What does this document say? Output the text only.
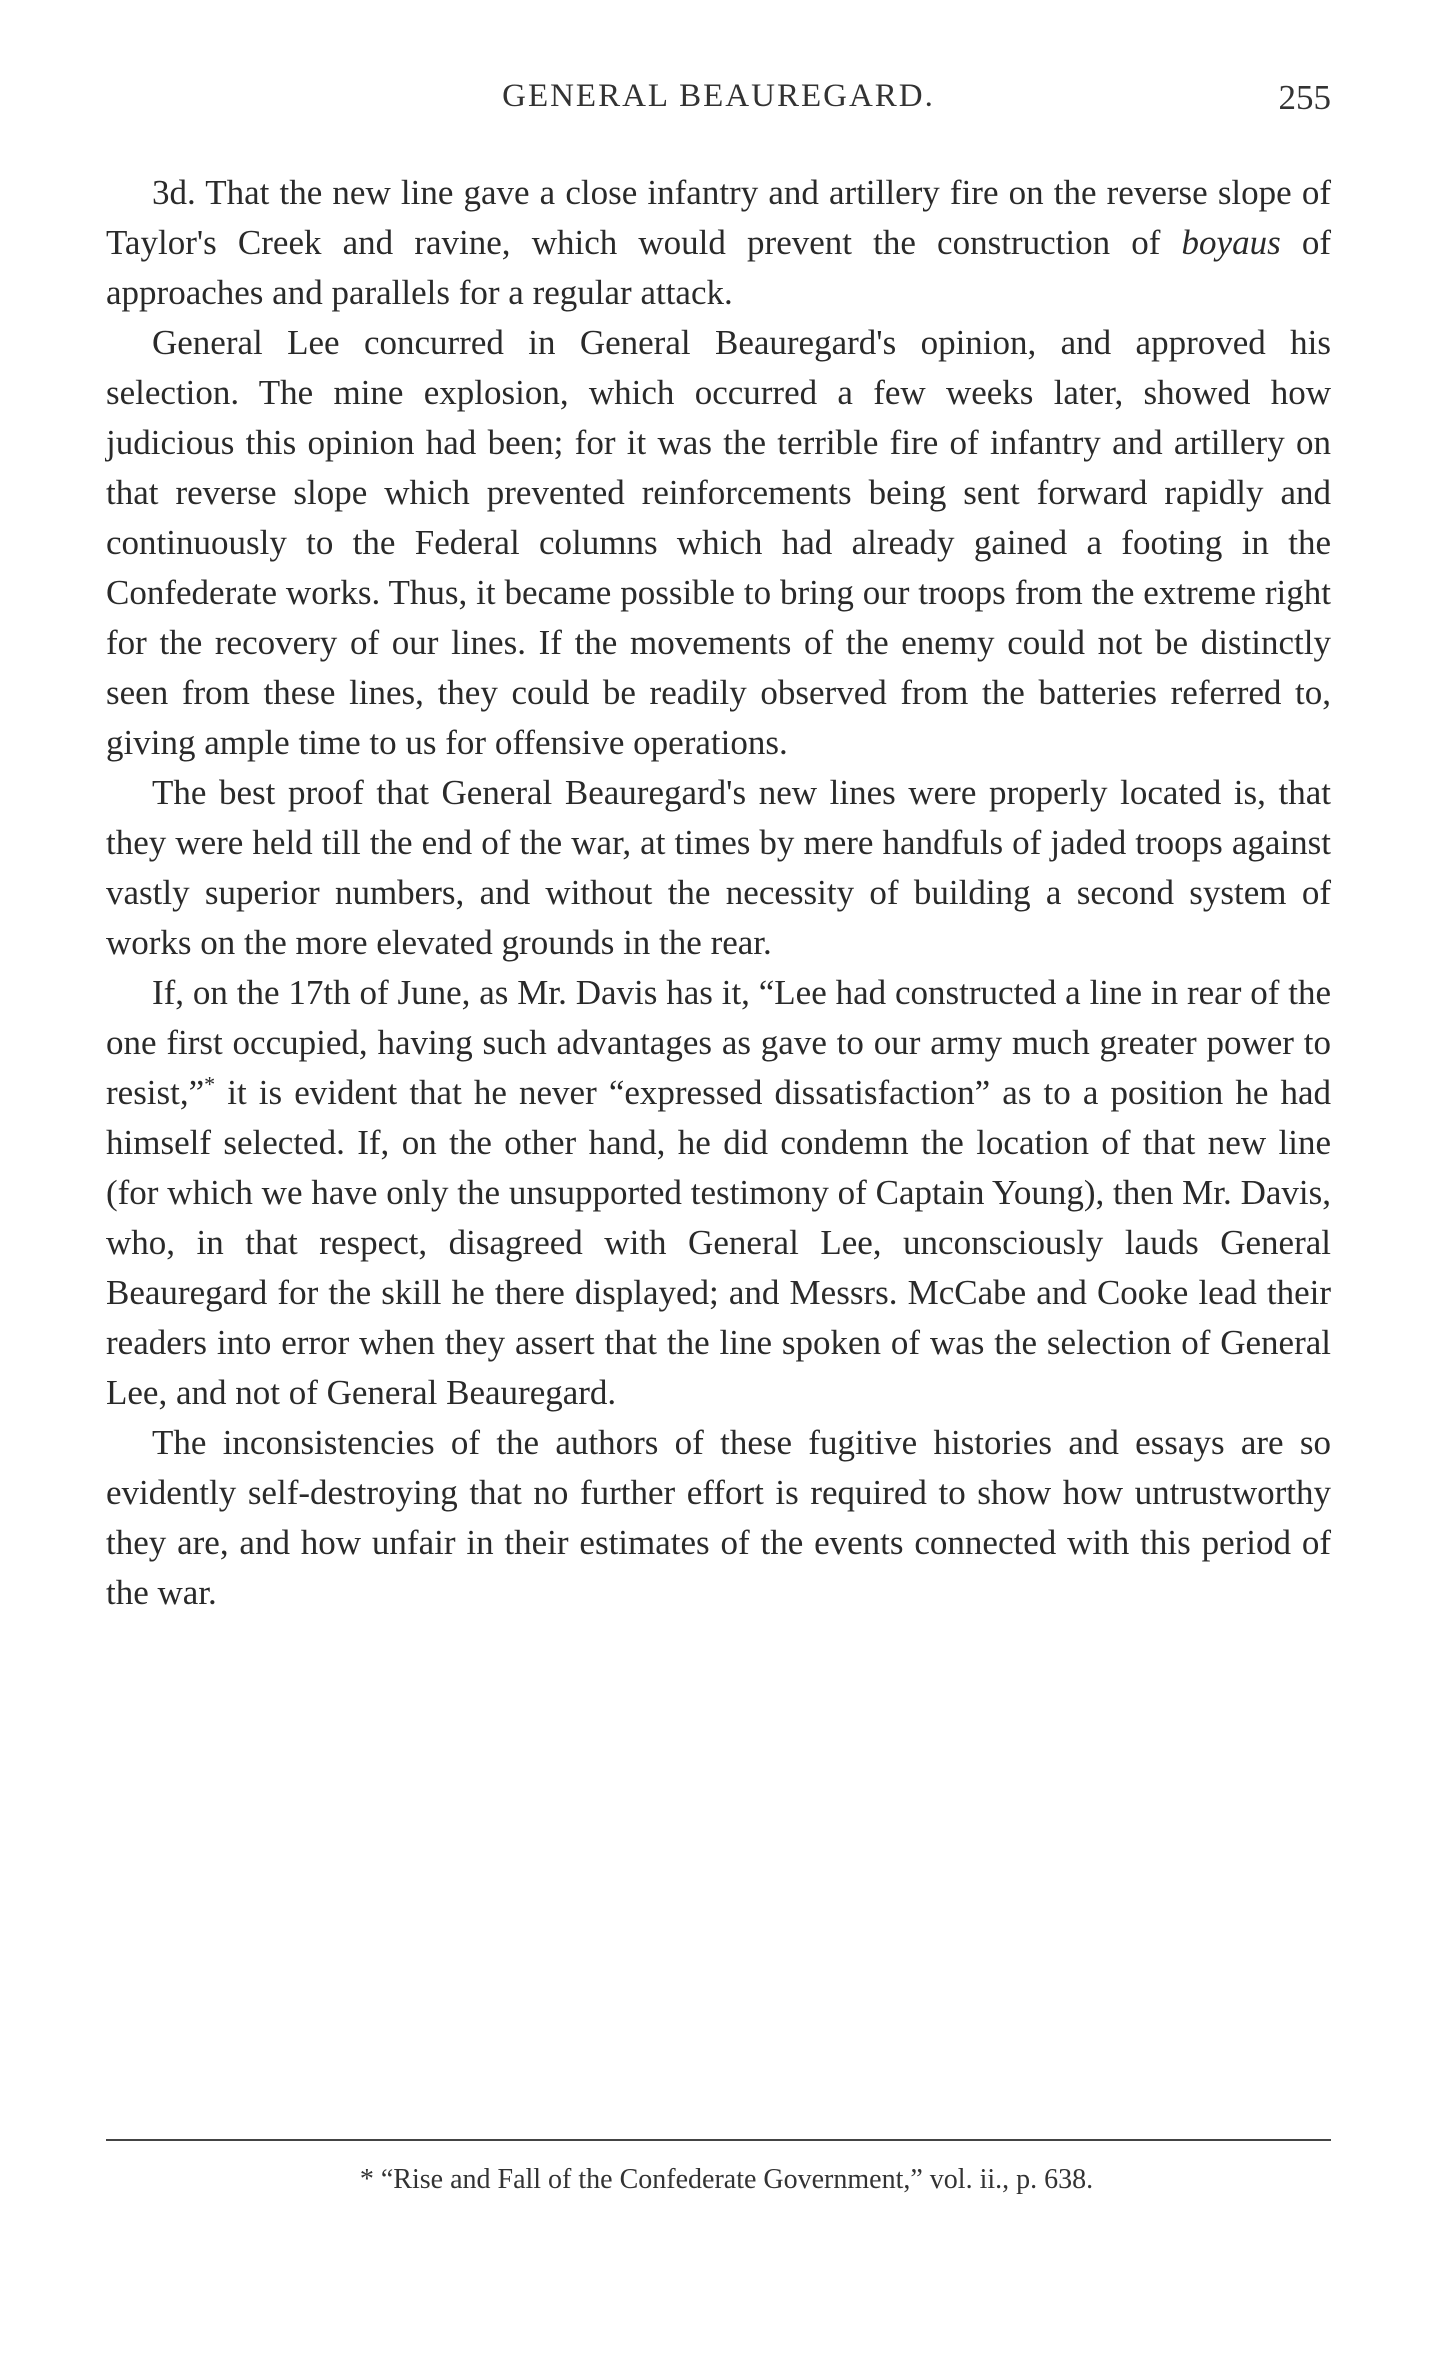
GENERAL BEAUREGARD.	255

3d. That the new line gave a close infantry and artillery fire on the reverse slope of Taylor's Creek and ravine, which would prevent the construction of boyaus of approaches and parallels for a regular attack.

General Lee concurred in General Beauregard's opinion, and approved his selection. The mine explosion, which occurred a few weeks later, showed how judicious this opinion had been; for it was the terrible fire of infantry and artillery on that reverse slope which prevented reinforcements being sent forward rapidly and continuously to the Federal columns which had already gained a footing in the Confederate works. Thus, it became possible to bring our troops from the extreme right for the recovery of our lines. If the movements of the enemy could not be distinctly seen from these lines, they could be readily observed from the batteries referred to, giving ample time to us for offensive operations.

The best proof that General Beauregard's new lines were properly located is, that they were held till the end of the war, at times by mere handfuls of jaded troops against vastly superior numbers, and without the necessity of building a second system of works on the more elevated grounds in the rear.

If, on the 17th of June, as Mr. Davis has it, “Lee had constructed a line in rear of the one first occupied, having such advantages as gave to our army much greater power to resist,”* it is evident that he never “expressed dissatisfaction” as to a position he had himself selected. If, on the other hand, he did condemn the location of that new line (for which we have only the unsupported testimony of Captain Young), then Mr. Davis, who, in that respect, disagreed with General Lee, unconsciously lauds General Beauregard for the skill he there displayed; and Messrs. McCabe and Cooke lead their readers into error when they assert that the line spoken of was the selection of General Lee, and not of General Beauregard.

The inconsistencies of the authors of these fugitive histories and essays are so evidently self-destroying that no further effort is required to show how untrustworthy they are, and how unfair in their estimates of the events connected with this period of the war.

* “Rise and Fall of the Confederate Government,” vol. ii., p. 638.
